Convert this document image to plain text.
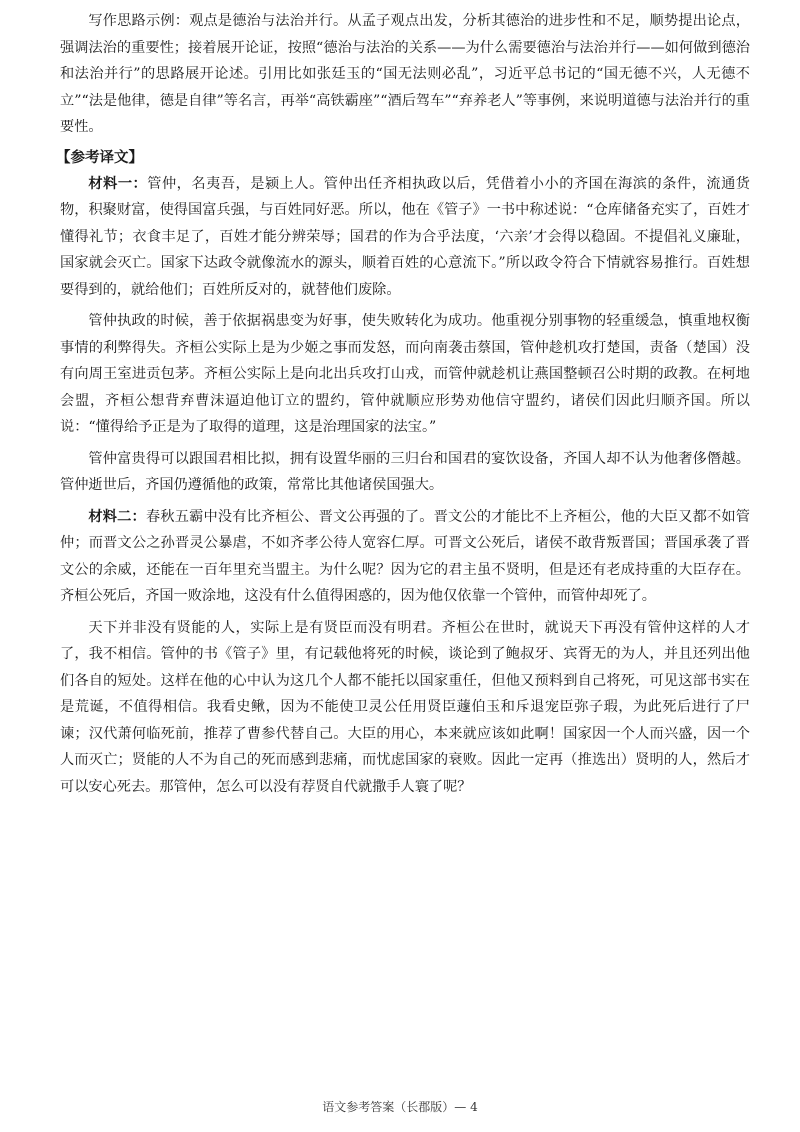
写作思路示例：观点是德治与法治并行。从孟子观点出发，分析其德治的进步性和不足，顺势提出论点，强调法治的重要性；接着展开论证，按照“德治与法治的关系——为什么需要德治与法治并行——如何做到德治和法治并行”的思路展开论述。引用比如张廷玉的“国无法则必乱”，习近平总书记的“国无德不兴，人无德不立”“法是他律，德是自律”等名言，再举“高铁霸座”“酒后驾车”“弃养老人”等事例，来说明道德与法治并行的重要性。

【参考译文】

材料一：管仲，名夷吾，是颍上人。管仲出任齐相执政以后，凭借着小小的齐国在海滨的条件，流通货物，积聚财富，使得国富兵强，与百姓同好恶。所以，他在《管子》一书中称述说：“仓库储备充实了，百姓才懂得礼节；衣食丰足了，百姓才能分辨荣辱；国君的作为合乎法度，‘六亲’才会得以稳固。不提倡礼义廉耻，国家就会灭亡。国家下达政令就像流水的源头，顺着百姓的心意流下。”所以政令符合下情就容易推行。百姓想要得到的，就给他们；百姓所反对的，就替他们废除。

管仲执政的时候，善于依据祸患变为好事，使失败转化为成功。他重视分别事物的轻重缓急，慎重地权衡事情的利弊得失。齐桓公实际上是为少姬之事而发怒，而向南袭击蔡国，管仲趁机攻打楚国，责备（楚国）没有向周王室进贡包茅。齐桓公实际上是向北出兵攻打山戎，而管仲就趁机让燕国整顿召公时期的政教。在柯地会盟，齐桓公想背弃曹沫逼迫他订立的盟约，管仲就顺应形势劝他信守盟约，诸侯们因此归顺齐国。所以说：“懂得给予正是为了取得的道理，这是治理国家的法宝。”

管仲富贵得可以跟国君相比拟，拥有设置华丽的三归台和国君的宴饮设备，齐国人却不认为他奢侈僭越。管仲逝世后，齐国仍遵循他的政策，常常比其他诸侯国强大。

材料二：春秋五霸中没有比齐桓公、晋文公再强的了。晋文公的才能比不上齐桓公，他的大臣又都不如管仲；而晋文公之孙晋灵公暴虐，不如齐孝公待人宽容仁厚。可晋文公死后，诸侯不敢背叛晋国；晋国承袭了晋文公的余威，还能在一百年里充当盟主。为什么呢？因为它的君主虽不贤明，但是还有老成持重的大臣存在。齐桓公死后，齐国一败涂地，这没有什么值得困惑的，因为他仅依靠一个管仲，而管仲却死了。

天下并非没有贤能的人，实际上是有贤臣而没有明君。齐桓公在世时，就说天下再没有管仲这样的人才了，我不相信。管仲的书《管子》里，有记载他将死的时候，谈论到了鲍叔牙、宾胥无的为人，并且还列出他们各自的短处。这样在他的心中认为这几个人都不能托以国家重任，但他又预料到自己将死，可见这部书实在是荒诞，不值得相信。我看史鳅，因为不能使卫灵公任用贤臣蘧伯玉和斥退宠臣弥子瑕，为此死后进行了尸谏；汉代萧何临死前，推荐了曹参代替自己。大臣的用心，本来就应该如此啊！国家因一个人而兴盛，因一个人而灭亡；贤能的人不为自己的死而感到悲痛，而忧虑国家的衰败。因此一定再（推选出）贤明的人，然后才可以安心死去。那管仲，怎么可以没有荐贤自代就撒手人寰了呢？

语文参考答案（长郡版）— 4
